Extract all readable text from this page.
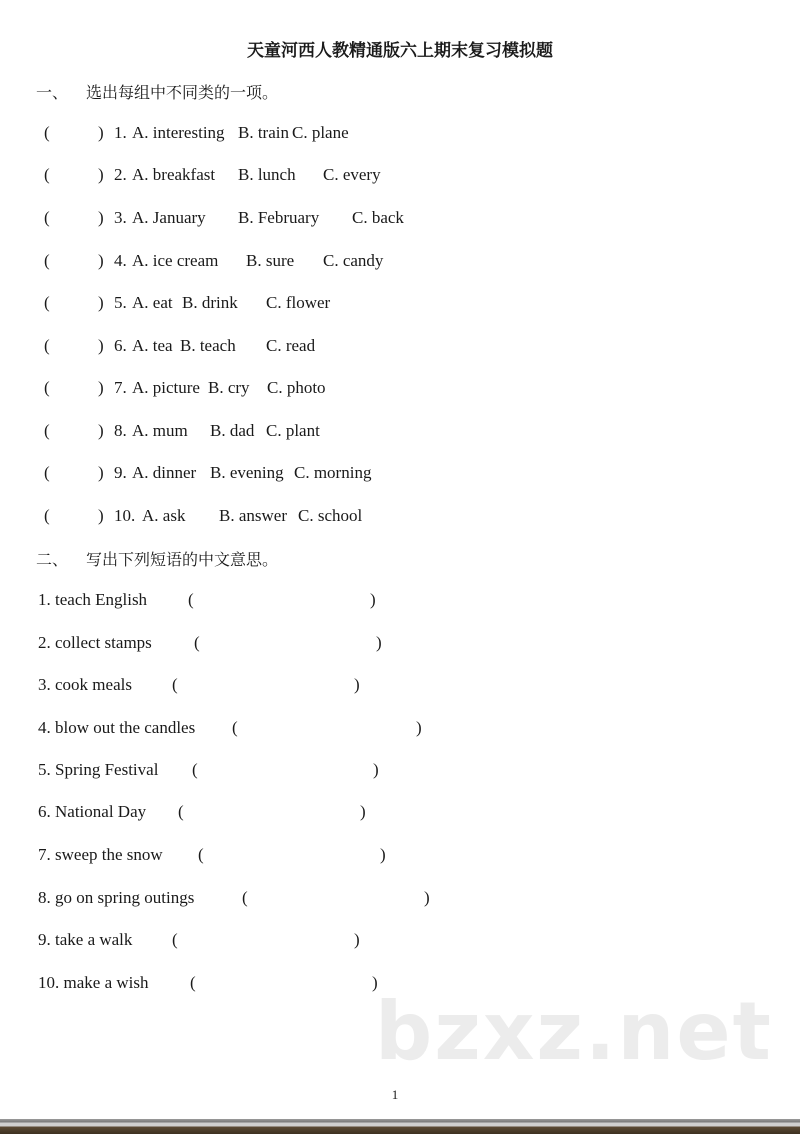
天童河西人教精通版六上期末复习模拟题
一、 选出每组中不同类的一项。
(	) 1. A. interesting B. train C. plane
(	) 2. A. breakfast B. lunch C. every
(	) 3. A. January B. February C. back
(	) 4. A. ice cream B. sure C. candy
(	) 5. A. eat B. drink C. flower
(	) 6. A. tea B. teach C. read
(	) 7. A. picture B. cry C. photo
(	) 8. A. mum B. dad C. plant
(	) 9. A. dinner B. evening C. morning
(	) 10. A. ask B. answer C. school
二、 写出下列短语的中文意思。
1. teach English (	)
2. collect stamps (	)
3. cook meals (	)
4. blow out the candles (	)
5. Spring Festival (	)
6. National Day (	)
7. sweep the snow (	)
8. go on spring outings	(	)
9. take a walk (	)
10. make a wish (	)
bzxz.net
1
